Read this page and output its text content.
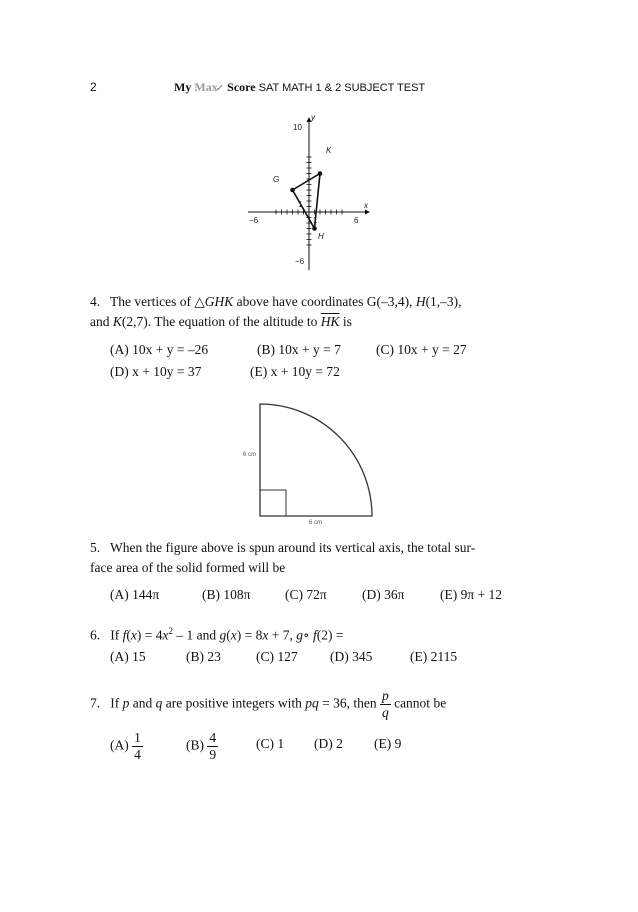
2	My Max✓ Score SAT MATH 1 & 2 SUBJECT TEST
y
x
10
−6
−6	6
1
1
G
H
K
4. The vertices of △GHK above have coordinates G(–3,4), H(1,–3),
and K(2,7). The equation of the altitude to $\overline{HK}$ is
(A) 10x + y = –26	(B) 10x + y = 7	(C) 10x + y = 27
(D) x + 10y = 37	(E) x + 10y = 72
6 cm
6 cm
5. When the figure above is spun around its vertical axis, the total sur-
face area of the solid formed will be
(A) 144π	(B) 108π	(C) 72π	(D) 36π	(E) 9π + 12
6. If $f(x) = 4x^2 - 1$ and g(x) = 8x + 7, g∘ f(2) =
(A) 15	(B) 23	(C) 127 (D) 345	(E) 2115
7. If p and q are positive integers with pq = 36, then $\frac{p}{q}$ cannot be
$(A) \frac{1}{4}$	$(B) \frac{4}{9}$	(C) 1 (D) 2 (E) 9
